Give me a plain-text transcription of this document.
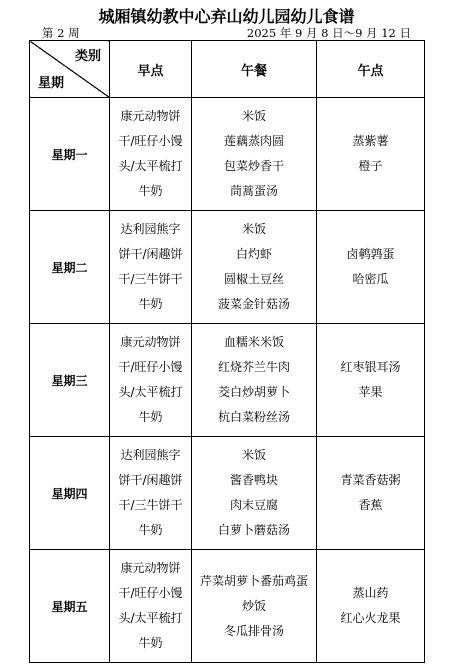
城厢镇幼教中心弃山幼儿园幼儿食谱
第 2 周	2025 年 9 月 8 日～9 月 12 日
类别
星期	早点	午餐	午点
星期一	康元动物饼
干/旺仔小馒
头/太平梳打
牛奶	米饭
莲藕蒸肉圆
包菜炒香干
茼蒿蛋汤	蒸紫薯
橙子

星期二	达利园熊字
饼干/闲趣饼
干/三牛饼干
牛奶	米饭
白灼虾
圆椒土豆丝
菠菜金针菇汤	卤鹌鹑蛋
哈密瓜

星期三	康元动物饼
干/旺仔小馒
头/太平梳打
牛奶	血糯米米饭
红烧芥兰牛肉
茭白炒胡萝卜
杭白菜粉丝汤	红枣银耳汤
苹果

星期四	达利园熊字
饼干/闲趣饼
干/三牛饼干
牛奶	米饭
酱香鸭块
肉末豆腐
白萝卜蘑菇汤	青菜香菇粥
香蕉

星期五	康元动物饼
干/旺仔小馒
头/太平梳打
牛奶	芹菜胡萝卜番茄鸡蛋
炒饭
冬瓜排骨汤	蒸山药
红心火龙果
